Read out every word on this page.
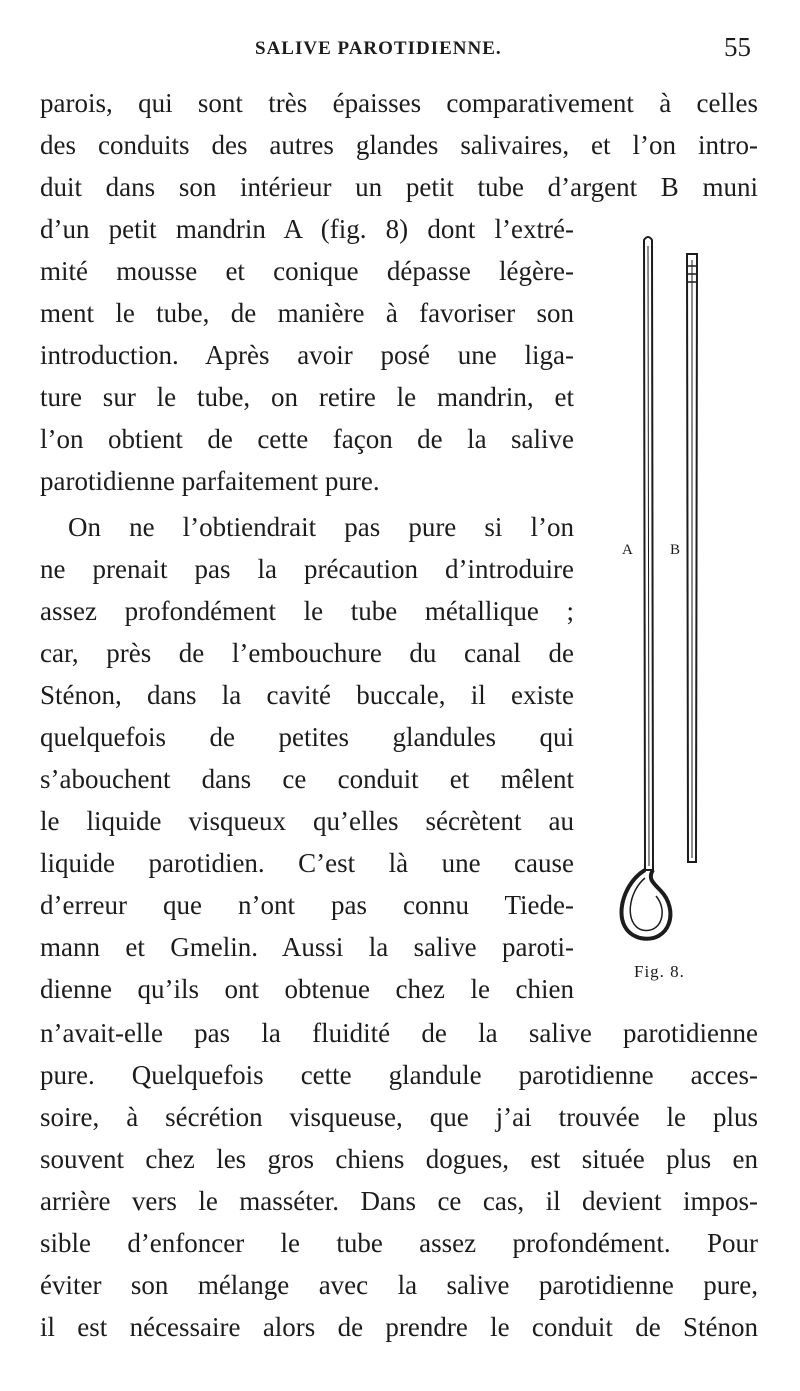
SALIVE PAROTIDIENNE.	55
parois, qui sont très épaisses comparativement à celles
des conduits des autres glandes salivaires, et l’on intro-
duit dans son intérieur un petit tube d’argent B muni
d’un petit mandrin A (fig. 8) dont l’extré-
mité mousse et conique dépasse légère-
ment le tube, de manière à favoriser son
introduction. Après avoir posé une liga-
ture sur le tube, on retire le mandrin, et
l’on obtient de cette façon de la salive
parotidienne parfaitement pure.
On ne l’obtiendrait pas pure si l’on
ne prenait pas la précaution d’introduire
assez profondément le tube métallique ;
car, près de l’embouchure du canal de
Sténon, dans la cavité buccale, il existe
quelquefois de petites glandules qui
s’abouchent dans ce conduit et mêlent
le liquide visqueux qu’elles sécrètent au
liquide parotidien. C’est là une cause
d’erreur que n’ont pas connu Tiede-
mann et Gmelin. Aussi la salive paroti-
dienne qu’ils ont obtenue chez le chien
n’avait-elle pas la fluidité de la salive parotidienne
pure. Quelquefois cette glandule parotidienne acces-
soire, à sécrétion visqueuse, que j’ai trouvée le plus
souvent chez les gros chiens dogues, est située plus en
arrière vers le masséter. Dans ce cas, il devient impos-
sible d’enfoncer le tube assez profondément. Pour
éviter son mélange avec la salive parotidienne pure,
il est nécessaire alors de prendre le conduit de Sténon
A B
Fig. 8.
